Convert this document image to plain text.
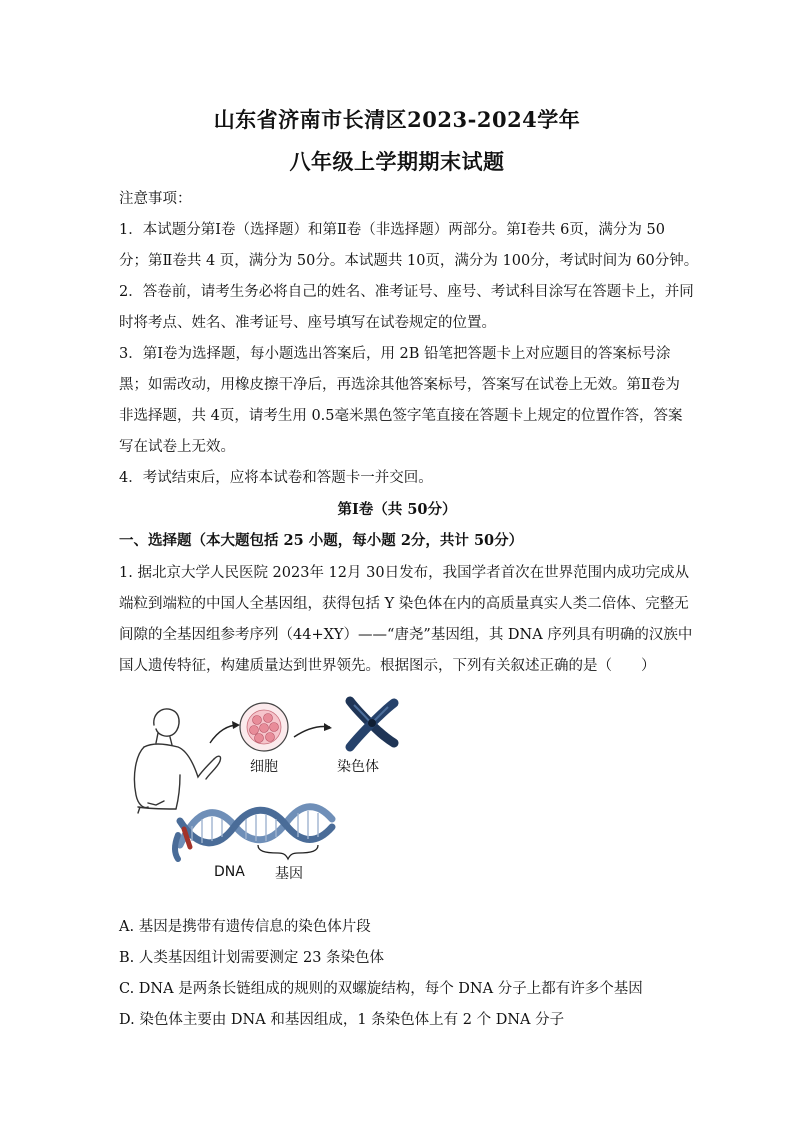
山东省济南市长清区2023-2024学年
八年级上学期期末试题
注意事项：
1．本试题分第Ⅰ卷（选择题）和第Ⅱ卷（非选择题）两部分。第Ⅰ卷共 6页，满分为 50
分；第Ⅱ卷共 4 页，满分为 50分。本试题共 10页，满分为 100分，考试时间为 60分钟。
2．答卷前，请考生务必将自己的姓名、准考证号、座号、考试科目涂写在答题卡上，并同
时将考点、姓名、准考证号、座号填写在试卷规定的位置。
3．第Ⅰ卷为选择题，每小题选出答案后，用 2B 铅笔把答题卡上对应题目的答案标号涂
黑；如需改动，用橡皮擦干净后，再选涂其他答案标号，答案写在试卷上无效。第Ⅱ卷为
非选择题，共 4页，请考生用 0.5毫米黑色签字笔直接在答题卡上规定的位置作答，答案
写在试卷上无效。
4．考试结束后，应将本试卷和答题卡一并交回。
第Ⅰ卷（共 50分）
一、选择题（本大题包括 25 小题，每小题 2分，共计 50分）
1. 据北京大学人民医院 2023年 12月 30日发布，我国学者首次在世界范围内成功完成从
端粒到端粒的中国人全基因组，获得包括 Y 染色体在内的高质量真实人类二倍体、完整无
间隙的全基因组参考序列（44+XY）——“唐尧”基因组，其 DNA 序列具有明确的汉族中
国人遗传特征，构建质量达到世界领先。根据图示，下列有关叙述正确的是（　　）
细胞	染色体
DNA 基因
A. 基因是携带有遗传信息的染色体片段
B. 人类基因组计划需要测定 23 条染色体
C. DNA 是两条长链组成的规则的双螺旋结构，每个 DNA 分子上都有许多个基因
D. 染色体主要由 DNA 和基因组成，1 条染色体上有 2 个 DNA 分子
